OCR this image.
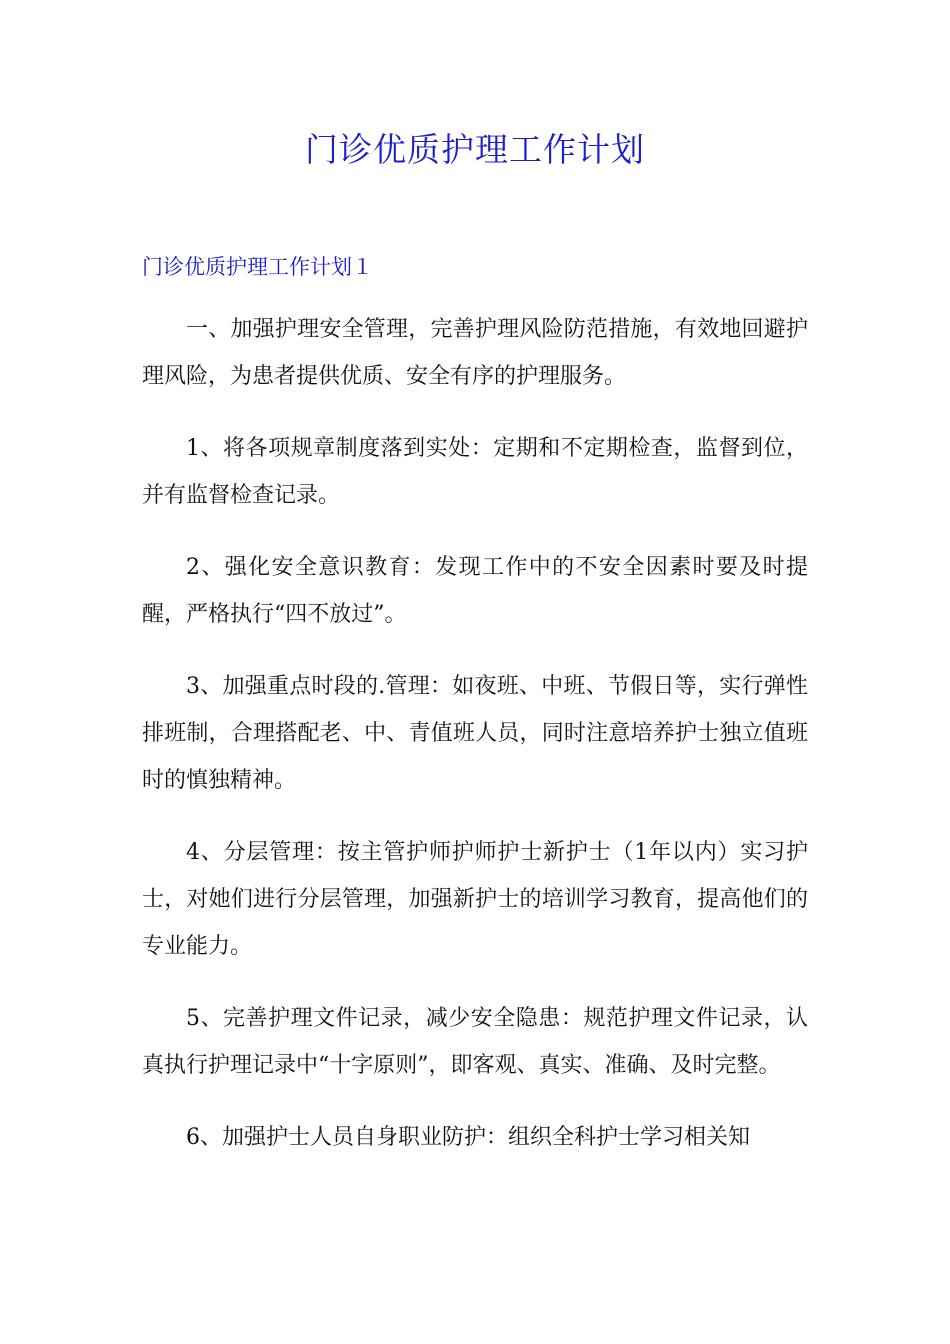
门诊优质护理工作计划
门诊优质护理工作计划１

一、加强护理安全管理，完善护理风险防范措施，有效地回避护理风险，为患者提供优质、安全有序的护理服务。

1、将各项规章制度落到实处：定期和不定期检查，监督到位，并有监督检查记录。

2、强化安全意识教育：发现工作中的不安全因素时要及时提醒，严格执行“四不放过”。

3、加强重点时段的.管理：如夜班、中班、节假日等，实行弹性排班制，合理搭配老、中、青值班人员，同时注意培养护士独立值班时的慎独精神。

4、分层管理：按主管护师护师护士新护士（1年以内）实习护士，对她们进行分层管理，加强新护士的培训学习教育，提高他们的专业能力。

5、完善护理文件记录，减少安全隐患：规范护理文件记录，认真执行护理记录中“十字原则”，即客观、真实、准确、及时完整。

6、加强护士人员自身职业防护：组织全科护士学习相关知
